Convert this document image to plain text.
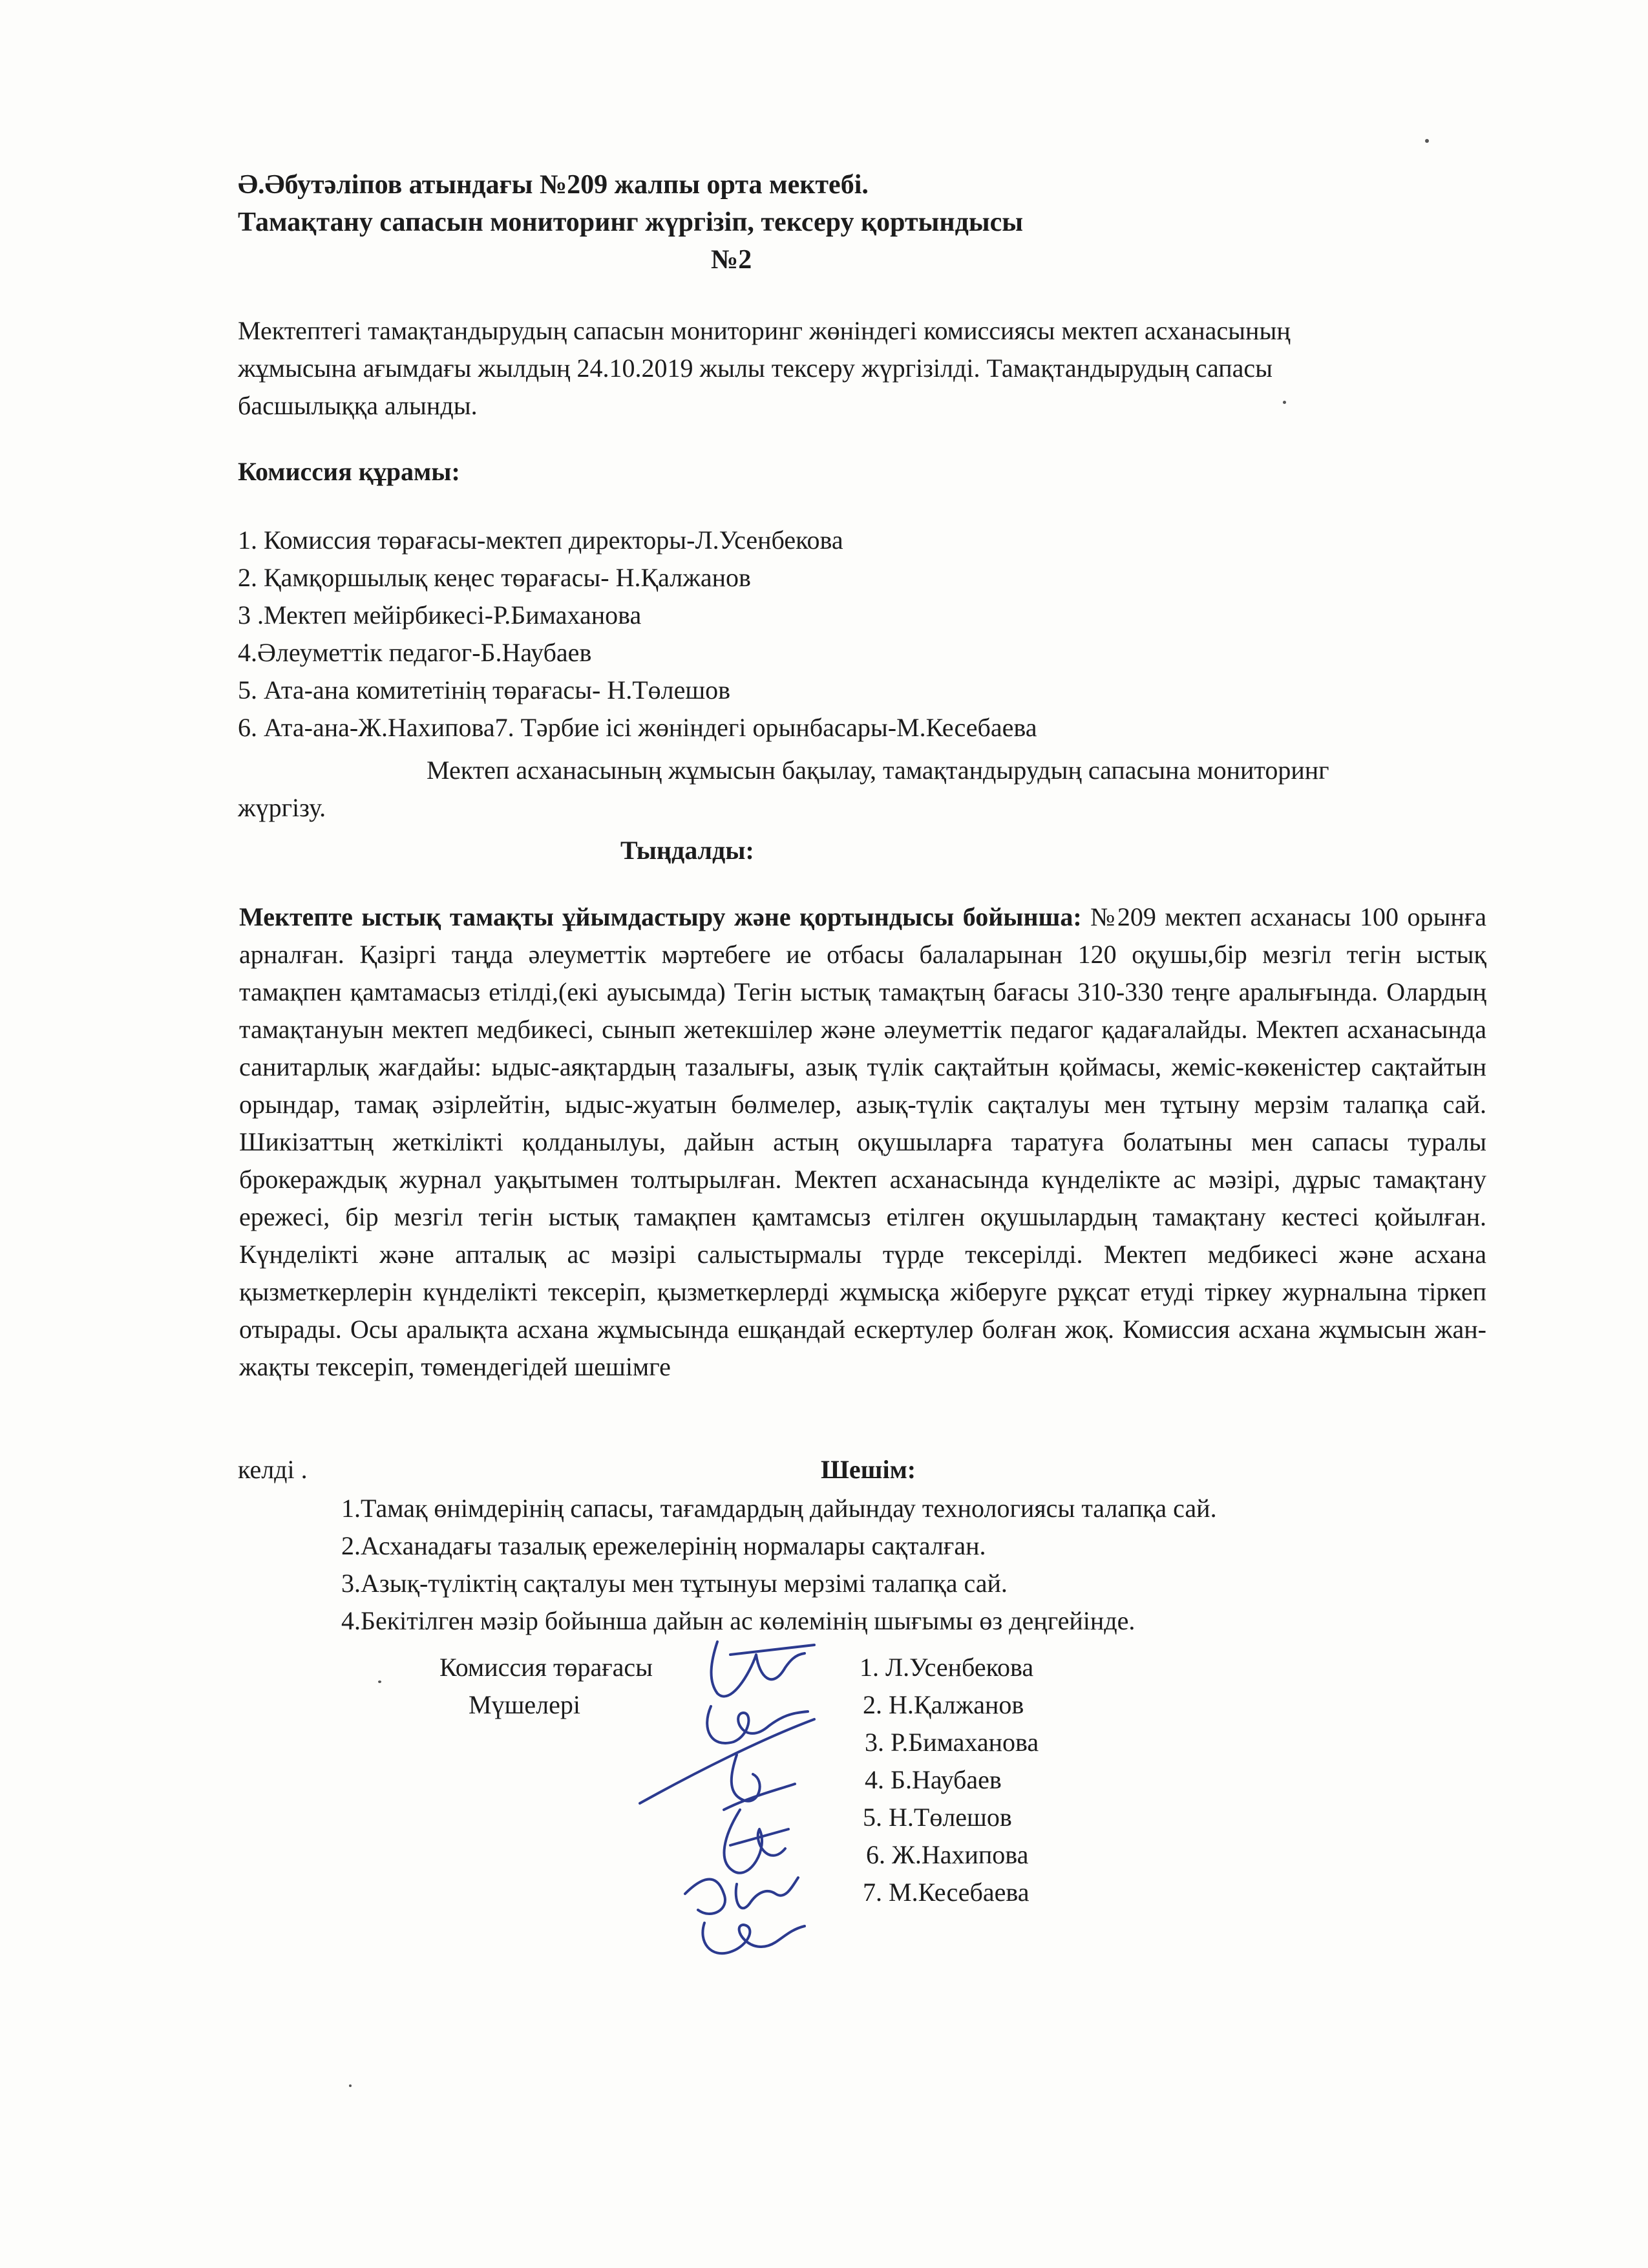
Ә.Әбутәліпов атындағы №209 жалпы орта мектебі.
Тамақтану сапасын мониторинг жүргізіп, тексеру қортындысы
№2
Мектептегі тамақтандырудың сапасын мониторинг жөніндегі комиссиясы мектеп асханасының
жұмысына ағымдағы жылдың 24.10.2019 жылы тексеру жүргізілді. Тамақтандырудың сапасы
басшылыққа алынды.
Комиссия құрамы:
1. Комиссия төрағасы-мектеп директоры-Л.Усенбекова
2. Қамқоршылық кеңес төрағасы- Н.Қалжанов
3 .Мектеп мейірбикесі-Р.Бимаханова
4.Әлеуметтік педагог-Б.Наубаев
5. Ата-ана комитетінің төрағасы- Н.Төлешов
6. Ата-ана-Ж.Нахипова7. Тәрбие ісі жөніндегі орынбасары-М.Кесебаева
Мектеп асханасының жұмысын бақылау, тамақтандырудың сапасына мониторинг
жүргізу.
Тыңдалды:
Мектепте ыстық тамақты ұйымдастыру және қортындысы бойынша: №209 мектеп асханасы 100 орынға арналған. Қазіргі таңда әлеуметтік мәртебеге ие отбасы балаларынан 120 оқушы,бір мезгіл тегін ыстық тамақпен қамтамасыз етілді,(екі ауысымда) Тегін ыстық тамақтың бағасы 310-330 теңге аралығында. Олардың тамақтануын мектеп медбикесі, сынып жетекшілер және әлеуметтік педагог қадағалайды. Мектеп асханасында санитарлық жағдайы: ыдыс-аяқтардың тазалығы, азық түлік сақтайтын қоймасы, жеміс-көкеністер сақтайтын орындар, тамақ әзірлейтін, ыдыс-жуатын бөлмелер, азық-түлік сақталуы мен тұтыну мерзім талапқа сай. Шикізаттың жеткілікті қолданылуы, дайын астың оқушыларға таратуға болатыны мен сапасы туралы брокераждық журнал уақытымен толтырылған. Мектеп асханасында күнделікте ас мәзірі, дұрыс тамақтану ережесі, бір мезгіл тегін ыстық тамақпен қамтамсыз етілген оқушылардың тамақтану кестесі қойылған. Күнделікті және апталық ас мәзірі салыстырмалы түрде тексерілді. Мектеп медбикесі және асхана қызметкерлерін күнделікті тексеріп, қызметкерлерді жұмысқа жіберуге рұқсат етуді тіркеу журналына тіркеп отырады. Осы аралықта асхана жұмысында ешқандай ескертулер болған жоқ. Комиссия асхана жұмысын жан-жақты тексеріп, төмендегідей шешімге
келді .	Шешім:
1.Тамақ өнімдерінің сапасы, тағамдардың дайындау технологиясы талапқа сай.
2.Асханадағы тазалық ережелерінің нормалары сақталған.
3.Азық-түліктің сақталуы мен тұтынуы мерзімі талапқа сай.
4.Бекітілген мәзір бойынша дайын ас көлемінің шығымы өз деңгейінде.
Комиссия төрағасы
Мүшелері
1. Л.Усенбекова
2. Н.Қалжанов
3. Р.Бимаханова
4. Б.Наубаев
5. Н.Төлешов
6. Ж.Нахипова
7. М.Кесебаева
